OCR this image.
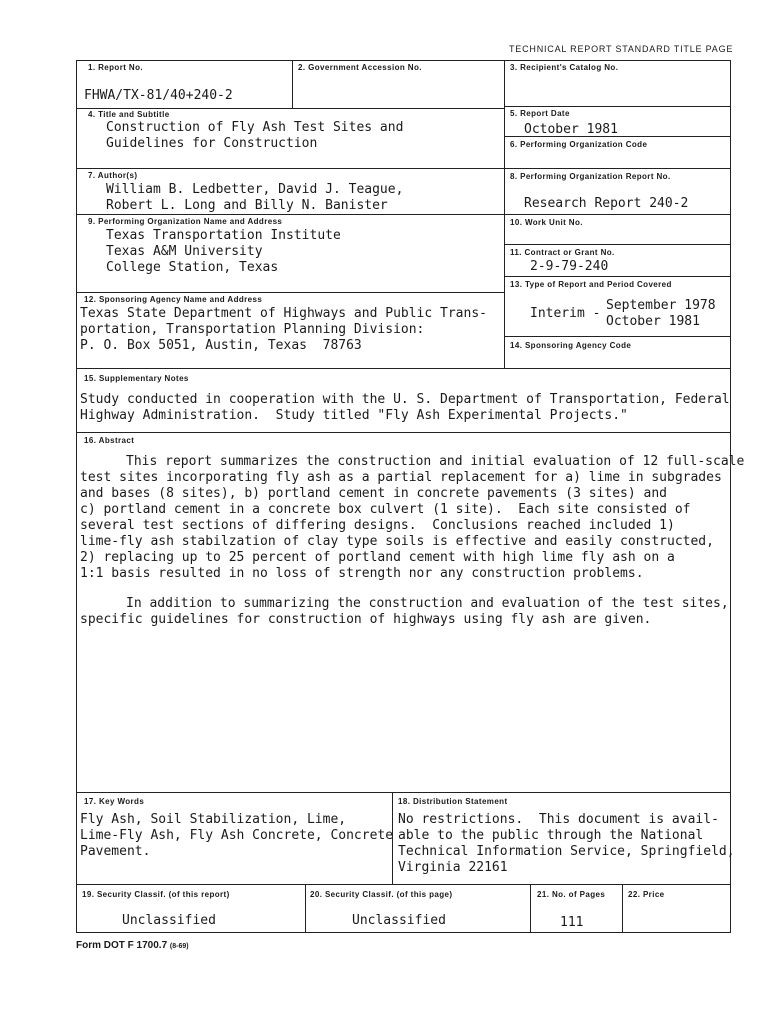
TECHNICAL REPORT STANDARD TITLE PAGE
1. Report No.
FHWA/TX-81/40+240-2
2. Government Accession No.	3. Recipient's Catalog No.
4. Title and Subtitle
Construction of Fly Ash Test Sites and
Guidelines for Construction
5. Report Date
October 1981
6. Performing Organization Code
7. Author(s)
William B. Ledbetter, David J. Teague,
Robert L. Long and Billy N. Banister
8. Performing Organization Report No.
Research Report 240-2
9. Performing Organization Name and Address
Texas Transportation Institute
Texas A&M University
College Station, Texas
10. Work Unit No.
11. Contract or Grant No.
2-9-79-240
13. Type of Report and Period Covered
Interim -
September 1978
October 1981
12. Sponsoring Agency Name and Address
Texas State Department of Highways and Public Trans-
portation, Transportation Planning Division:
P. O. Box 5051, Austin, Texas  78763	14. Sponsoring Agency Code
15. Supplementary Notes
Study conducted in cooperation with the U. S. Department of Transportation, Federal
Highway Administration.  Study titled "Fly Ash Experimental Projects."
16. Abstract
This report summarizes the construction and initial evaluation of 12 full-scale
test sites incorporating fly ash as a partial replacement for a) lime in subgrades
and bases (8 sites), b) portland cement in concrete pavements (3 sites) and
c) portland cement in a concrete box culvert (1 site).  Each site consisted of
several test sections of differing designs.  Conclusions reached included 1)
lime-fly ash stabilzation of clay type soils is effective and easily constructed,
2) replacing up to 25 percent of portland cement with high lime fly ash on a
1:1 basis resulted in no loss of strength nor any construction problems.
In addition to summarizing the construction and evaluation of the test sites,
specific guidelines for construction of highways using fly ash are given.
17. Key Words
Fly Ash, Soil Stabilization, Lime,
Lime-Fly Ash, Fly Ash Concrete, Concrete
Pavement.
18. Distribution Statement
No restrictions.  This document is avail-
able to the public through the National
Technical Information Service, Springfield,
Virginia 22161
19. Security Classif. (of this report)
Unclassified
20. Security Classif. (of this page)
Unclassified
21. No. of Pages
111
22. Price
Form DOT F 1700.7 (8-69)
